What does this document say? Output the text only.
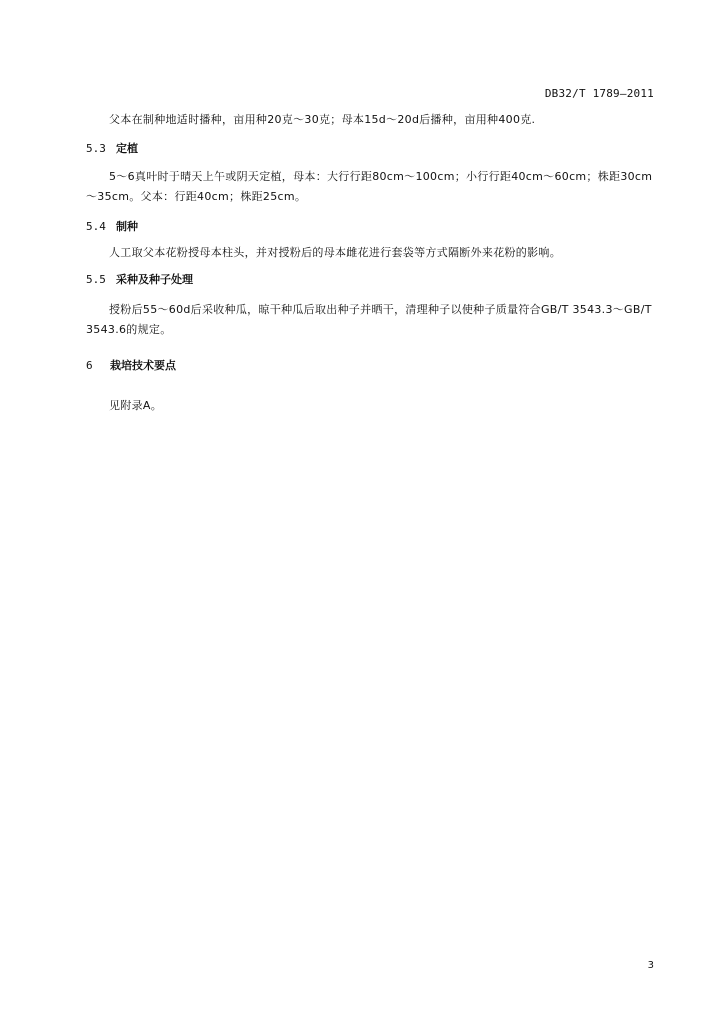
DB32/T 1789—2011
父本在制种地适时播种，亩用种20克～30克；母本15d～20d后播种，亩用种400克.
5.3 定植
5～6真叶时于晴天上午或阴天定植，母本：大行行距80cm～100cm；小行行距40cm～60cm；株距30cm～35cm。父本：行距40cm；株距25cm。
5.4 制种
人工取父本花粉授母本柱头，并对授粉后的母本雌花进行套袋等方式隔断外来花粉的影响。
5.5 采种及种子处理
授粉后55～60d后采收种瓜，晾干种瓜后取出种子并晒干，清理种子以使种子质量符合GB/T 3543.3～GB/T 3543.6的规定。
6 栽培技术要点
见附录A。
3
